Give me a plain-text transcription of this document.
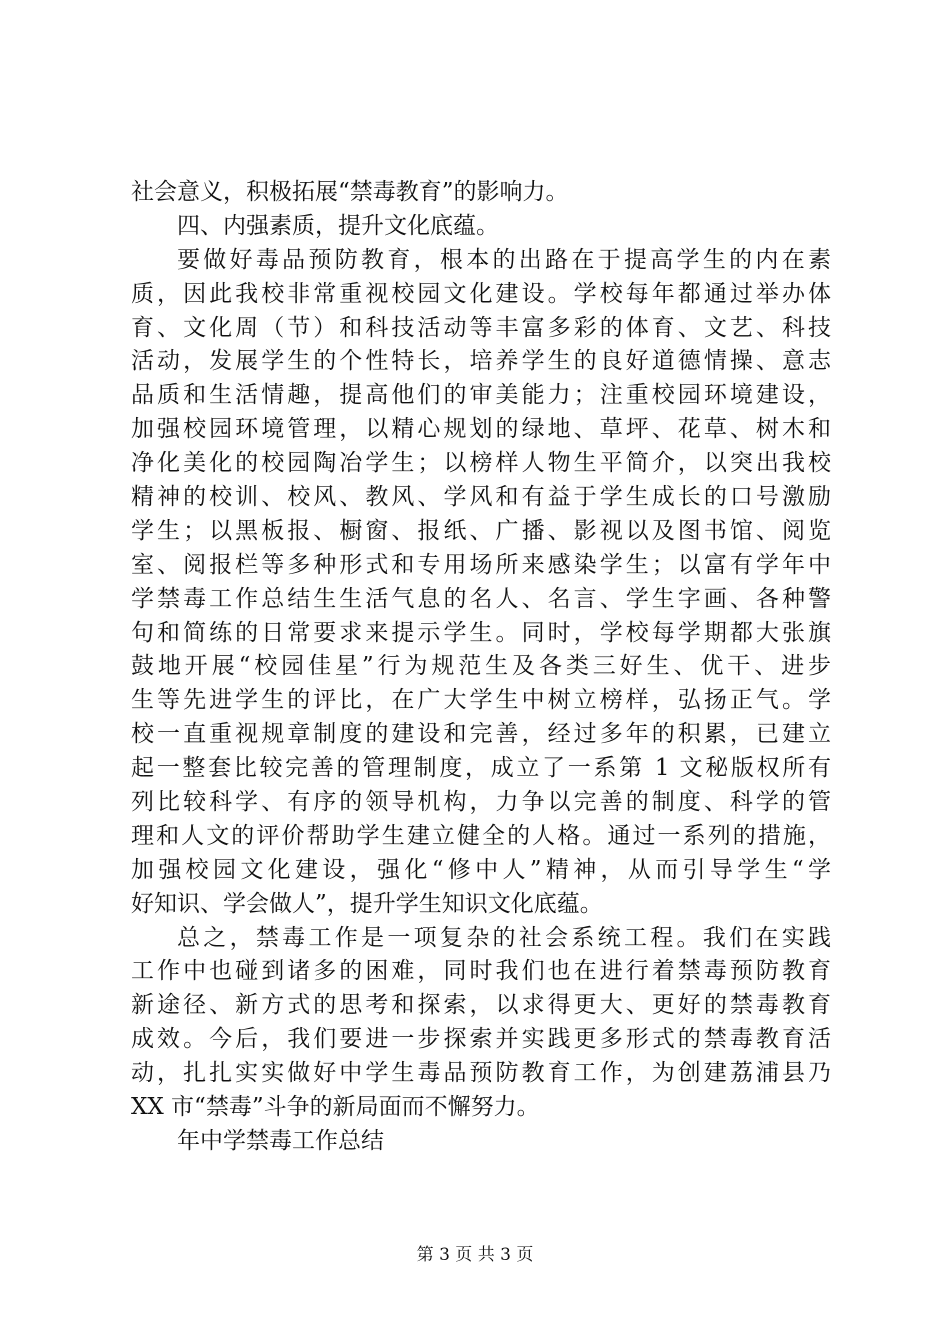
社会意义，积极拓展“禁毒教育”的影响力。
四、内强素质，提升文化底蕴。
要做好毒品预防教育，根本的出路在于提高学生的内在素
质，因此我校非常重视校园文化建设。学校每年都通过举办体
育、文化周（节）和科技活动等丰富多彩的体育、文艺、科技
活动，发展学生的个性特长，培养学生的良好道德情操、意志
品质和生活情趣，提高他们的审美能力；注重校园环境建设，
加强校园环境管理，以精心规划的绿地、草坪、花草、树木和
净化美化的校园陶冶学生；以榜样人物生平简介，以突出我校
精神的校训、校风、教风、学风和有益于学生成长的口号激励
学生；以黑板报、橱窗、报纸、广播、影视以及图书馆、阅览
室、阅报栏等多种形式和专用场所来感染学生；以富有学年中
学禁毒工作总结生生活气息的名人、名言、学生字画、各种警
句和简练的日常要求来提示学生。同时，学校每学期都大张旗
鼓地开展“校园佳星”行为规范生及各类三好生、优干、进步
生等先进学生的评比，在广大学生中树立榜样，弘扬正气。学
校一直重视规章制度的建设和完善，经过多年的积累，已建立
起一整套比较完善的管理制度，成立了一系第 1 文秘版权所有
列比较科学、有序的领导机构，力争以完善的制度、科学的管
理和人文的评价帮助学生建立健全的人格。通过一系列的措施，
加强校园文化建设，强化“修中人”精神，从而引导学生“学
好知识、学会做人”，提升学生知识文化底蕴。
总之，禁毒工作是一项复杂的社会系统工程。我们在实践
工作中也碰到诸多的困难，同时我们也在进行着禁毒预防教育
新途径、新方式的思考和探索，以求得更大、更好的禁毒教育
成效。今后，我们要进一步探索并实践更多形式的禁毒教育活
动，扎扎实实做好中学生毒品预防教育工作，为创建荔浦县乃
XX 市“禁毒”斗争的新局面而不懈努力。
年中学禁毒工作总结
第 3 页 共 3 页
